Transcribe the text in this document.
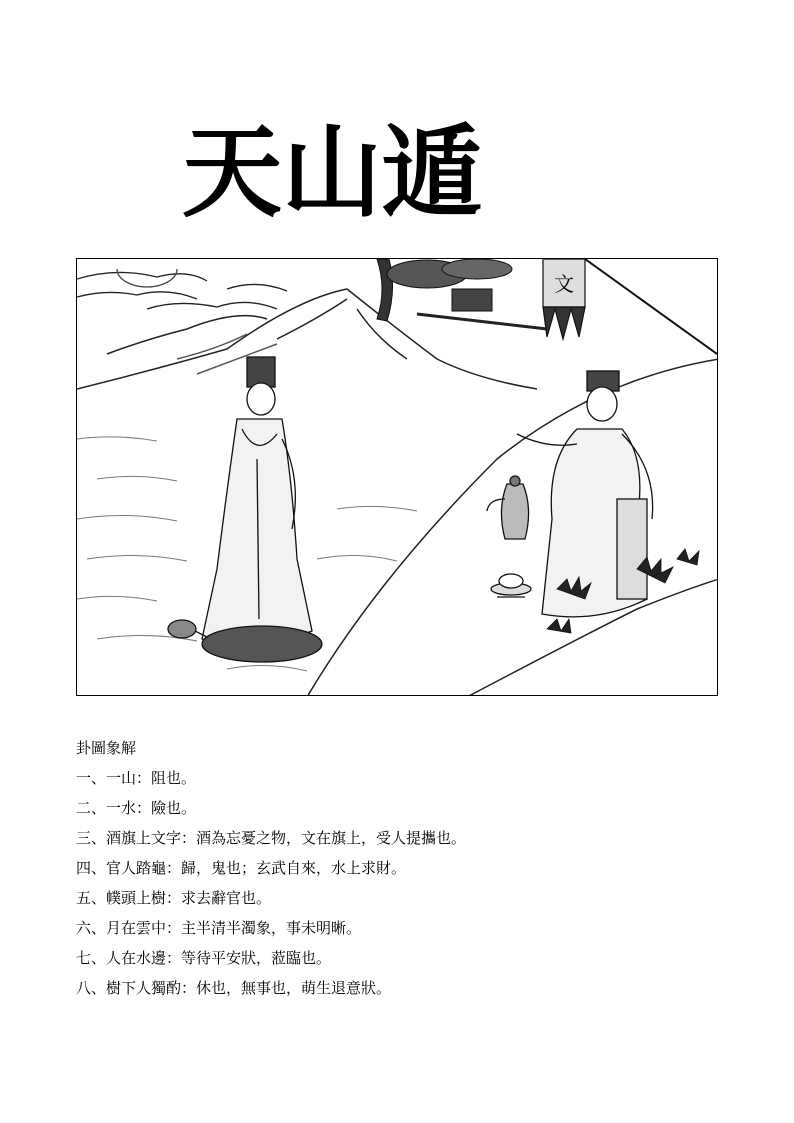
天山遁
文
卦圖象解
一、一山：阻也。
二、一水：險也。
三、酒旗上文字：酒為忘憂之物，文在旗上，受人提攜也。
四、官人踏龜：歸，鬼也；玄武自來，水上求財。
五、幞頭上樹：求去辭官也。
六、月在雲中：主半清半濁象，事未明晰。
七、人在水邊：等待平安狀，蒞臨也。
八、樹下人獨酌：休也，無事也，萌生退意狀。
